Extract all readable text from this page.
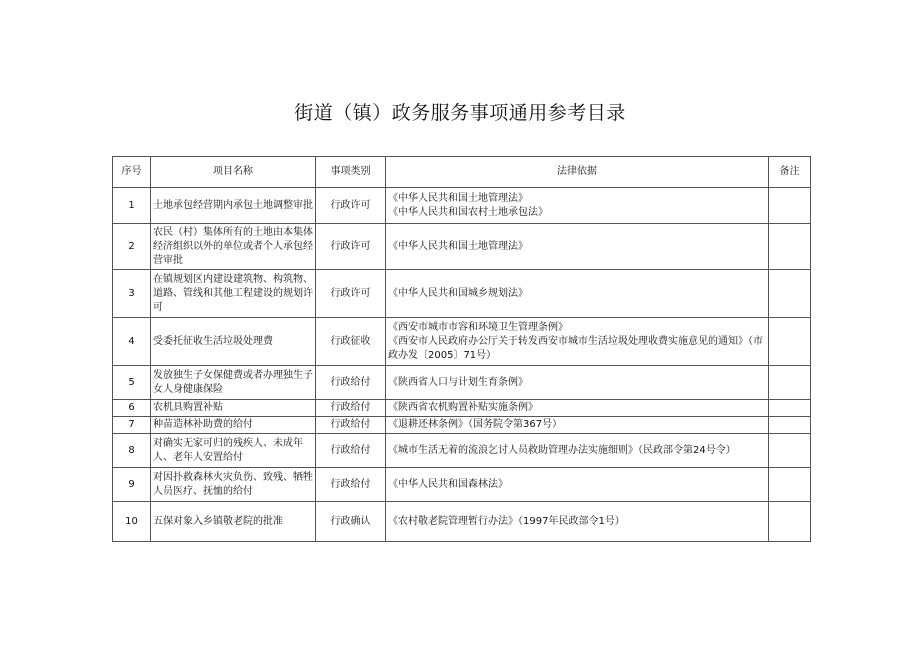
街道（镇）政务服务事项通用参考目录
序号	项目名称	事项类别	法律依据	备注
1	土地承包经营期内承包土地调整审批	行政许可	《中华人民共和国土地管理法》
《中华人民共和国农村土地承包法》	

2	农民（村）集体所有的土地由本集体经济组织以外的单位或者个人承包经营审批	行政许可	《中华人民共和国土地管理法》	

3	在镇规划区内建设建筑物、构筑物、道路、管线和其他工程建设的规划许可	行政许可	《中华人民共和国城乡规划法》	

4	受委托征收生活垃圾处理费	行政征收	《西安市城市市容和环境卫生管理条例》
《西安市人民政府办公厅关于转发西安市城市生活垃圾处理收费实施意见的通知》（市政办发〔2005〕71号）	

5	发放独生子女保健费或者办理独生子女人身健康保险	行政给付	《陕西省人口与计划生育条例》	

6	农机具购置补贴	行政给付	《陕西省农机购置补贴实施条例》	

7	种苗造林补助费的给付	行政给付	《退耕还林条例》（国务院令第367号）	

8	对确实无家可归的残疾人、未成年人、老年人安置给付	行政给付	《城市生活无着的流浪乞讨人员救助管理办法实施细则》（民政部令第24号令）	

9	对因扑救森林火灾负伤、致残、牺牲人员医疗、抚恤的给付	行政给付	《中华人民共和国森林法》	

10	五保对象入乡镇敬老院的批准	行政确认	《农村敬老院管理暂行办法》（1997年民政部令1号）	
